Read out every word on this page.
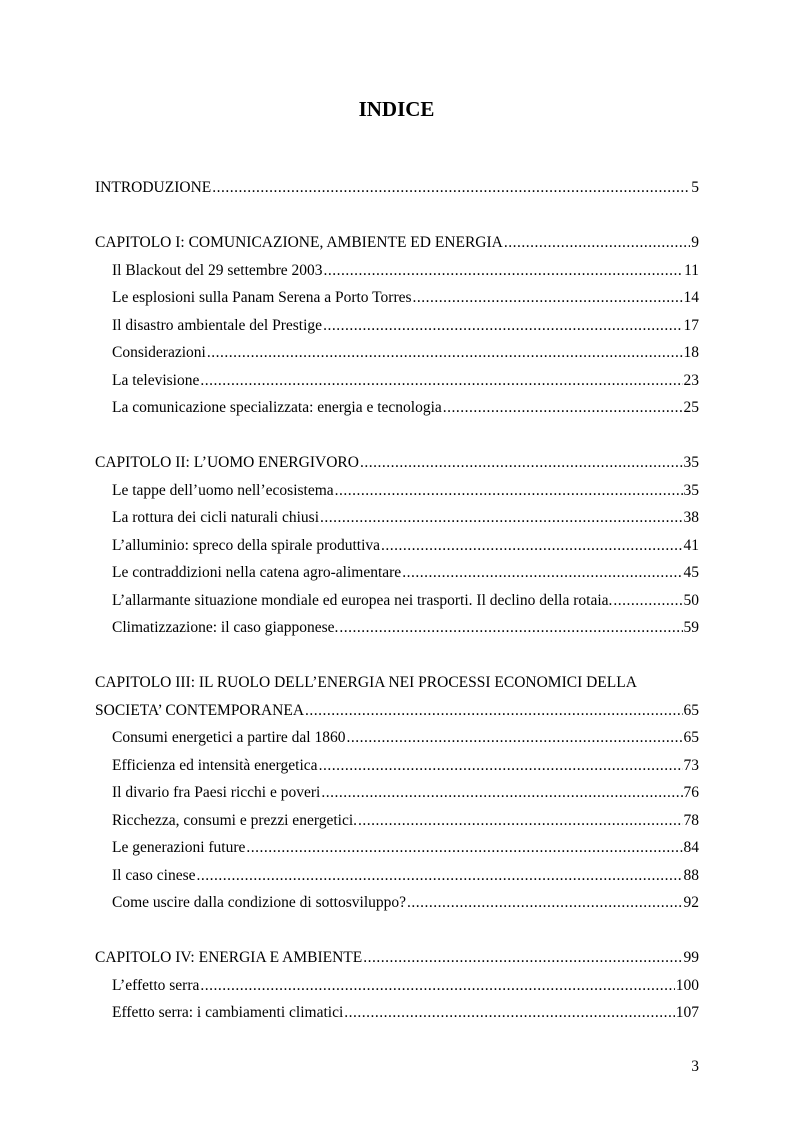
INDICE
INTRODUZIONE .....	5
CAPITOLO I: COMUNICAZIONE, AMBIENTE ED ENERGIA .....	9
Il Blackout del 29 settembre 2003 .....	11
Le esplosioni sulla Panam Serena a Porto Torres .....	14
Il disastro ambientale del Prestige .....	17
Considerazioni .....	18
La televisione .....	23
La comunicazione specializzata: energia e tecnologia .....	25
CAPITOLO II: L’UOMO ENERGIVORO .....	35
Le tappe dell’uomo nell’ecosistema .....	35
La rottura dei cicli naturali chiusi .....	38
L’alluminio: spreco della spirale produttiva .....	41
Le contraddizioni nella catena agro-alimentare .....	45
L’allarmante situazione mondiale ed europea nei trasporti. Il declino della rotaia. .....	50
Climatizzazione: il caso giapponese. .....	59
CAPITOLO III: IL RUOLO DELL’ENERGIA NEI PROCESSI ECONOMICI DELLA
SOCIETA’ CONTEMPORANEA .....	65
Consumi energetici a partire dal 1860 .....	65
Efficienza ed intensità energetica .....	73
Il divario fra Paesi ricchi e poveri .....	76
Ricchezza, consumi e prezzi energetici. .....	78
Le generazioni future .....	84
Il caso cinese .....	88
Come uscire dalla condizione di sottosviluppo? .....	92
CAPITOLO IV: ENERGIA E AMBIENTE .....	99
L’effetto serra .....	100
Effetto serra: i cambiamenti climatici .....	107
3
